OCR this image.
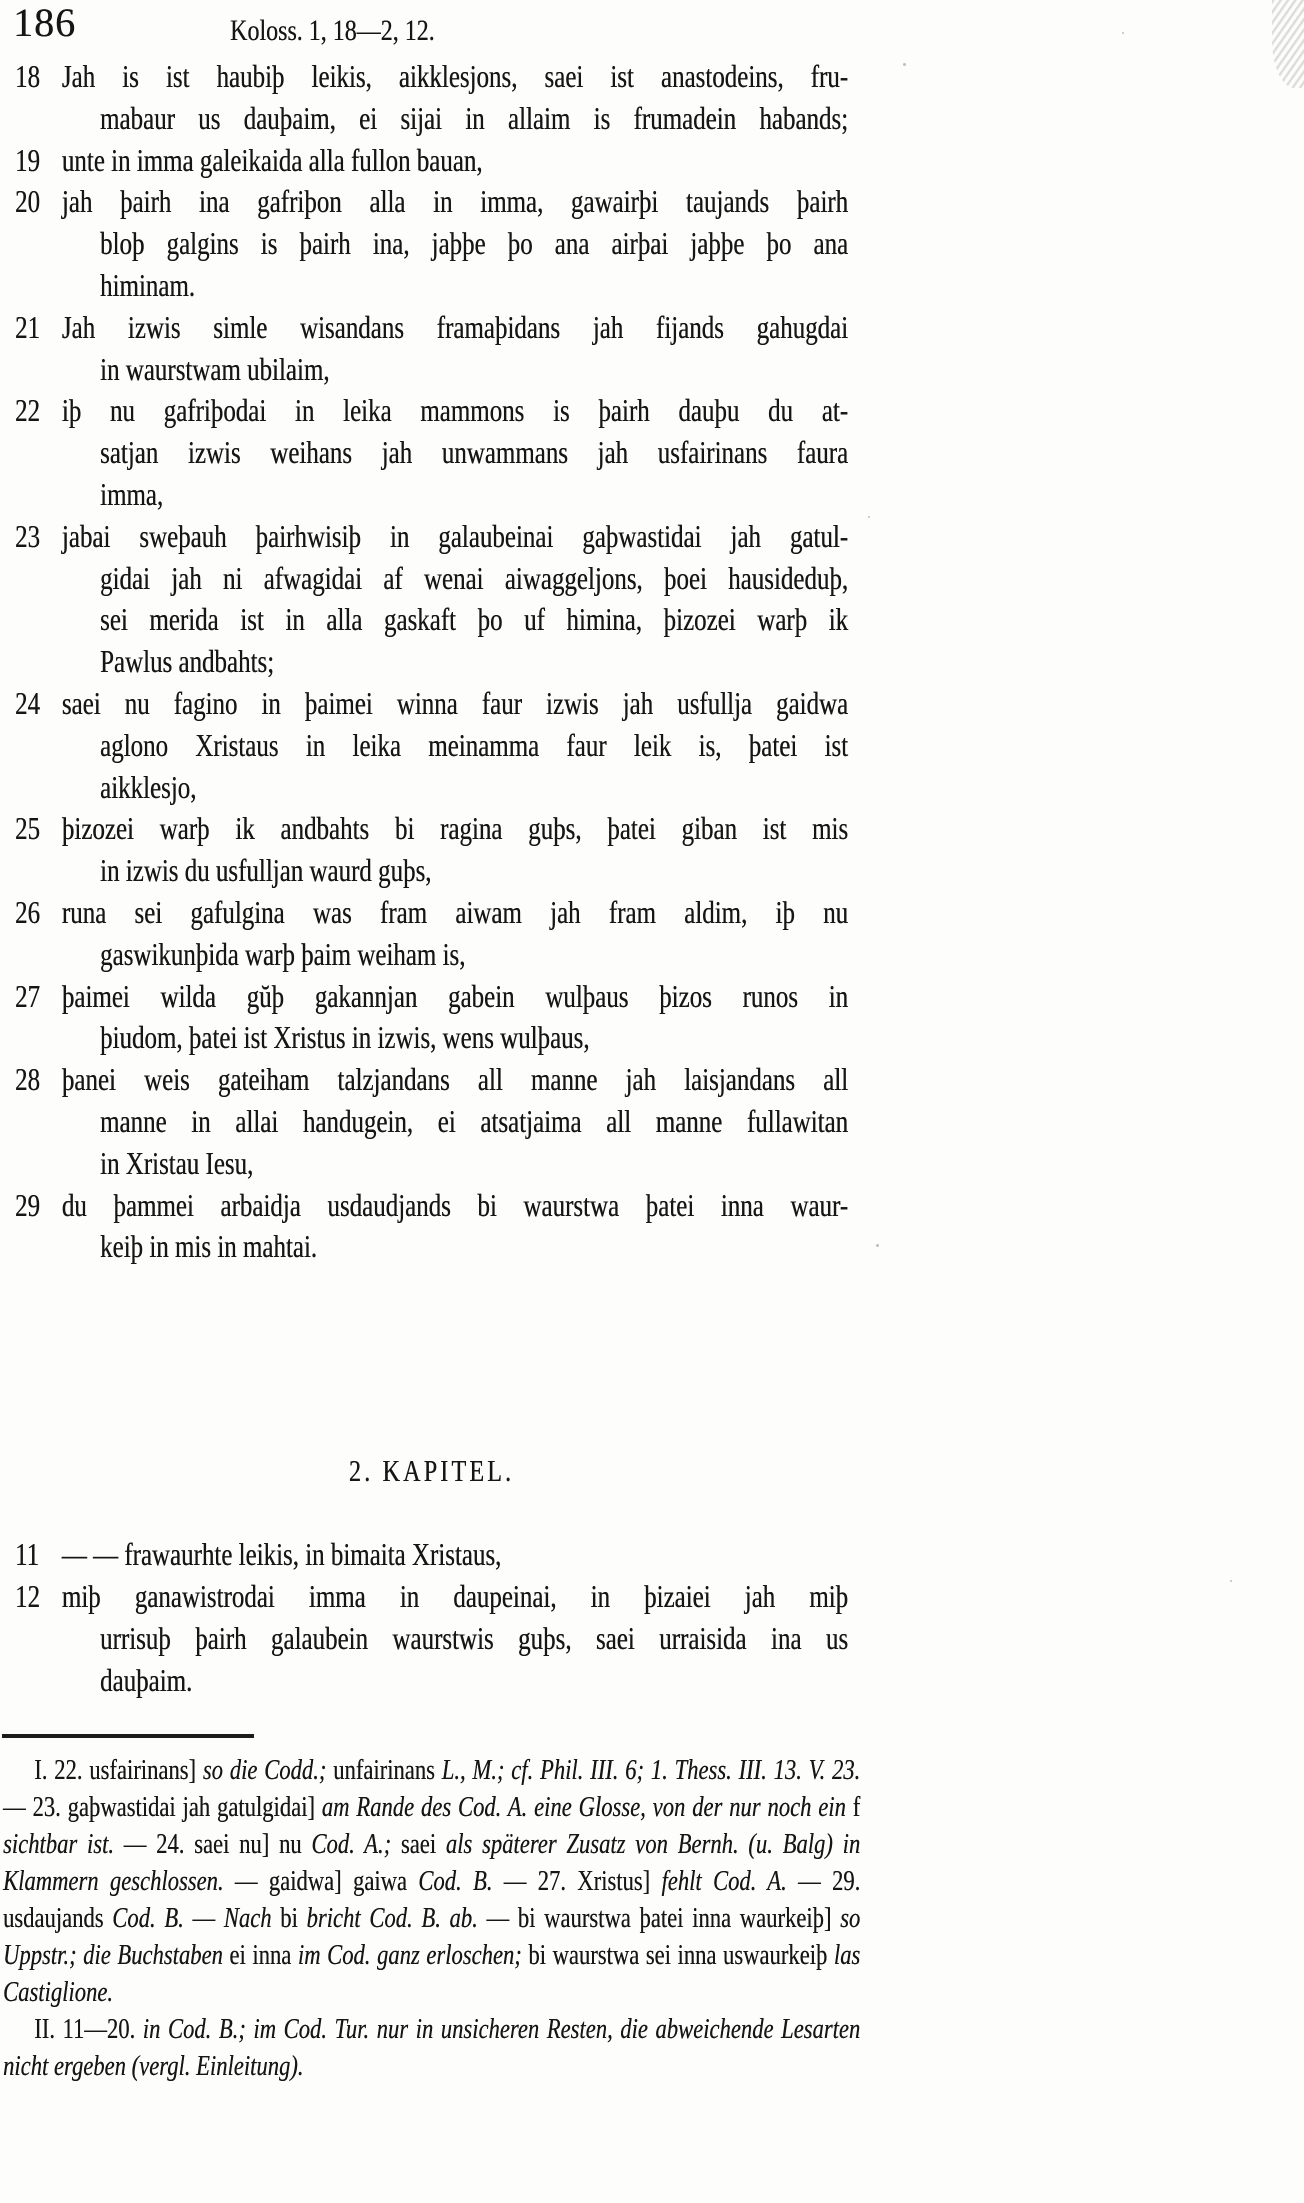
186	Koloss. 1, 18—2, 12.
18 Jah is ist haubiþ leikis, aikklesjons, saei ist anastodeins, fru-
mabaur us dauþaim, ei sijai in allaim is frumadein habands;
19 unte in imma galeikaida alla fullon bauan,
20 jah þairh ina gafriþon alla in imma, gawairþi taujands þairh
bloþ galgins is þairh ina, jaþþe þo ana airþai jaþþe þo ana
himinam.
21 Jah izwis simle wisandans framaþidans jah fijands gahugdai
in waurstwam ubilaim,
22 iþ nu gafriþodai in leika mammons is þairh dauþu du at-
satjan izwis weihans jah unwammans jah usfairinans faura
imma,
23 jabai sweþauh þairhwisiþ in galaubeinai gaþwastidai jah gatul-
gidai jah ni afwagidai af wenai aiwaggeljons, þoei hausideduþ,
sei merida ist in alla gaskaft þo uf himina, þizozei warþ ik
Pawlus andbahts;
24 saei nu fagino in þaimei winna faur izwis jah usfullja gaidwa
aglono Xristaus in leika meinamma faur leik is, þatei ist
aikklesjo,
25 þizozei warþ ik andbahts bi ragina guþs, þatei giban ist mis
in izwis du usfulljan waurd guþs,
26 runa sei gafulgina was fram aiwam jah fram aldim, iþ nu
gaswikunþida warþ þaim weiham is,
27 þaimei wilda gŭþ gakannjan gabein wulþaus þizos runos in
þiudom, þatei ist Xristus in izwis, wens wulþaus,
28 þanei weis gateiham talzjandans all manne jah laisjandans all
manne in allai handugein, ei atsatjaima all manne fullawitan
in Xristau Iesu,
29 du þammei arbaidja usdaudjands bi waurstwa þatei inna waur-
keiþ in mis in mahtai.
2. KAPITEL.
11 — — frawaurhte leikis, in bimaita Xristaus,
12 miþ ganawistrodai imma in daupeinai, in þizaiei jah miþ
urrisuþ þairh galaubein waurstwis guþs, saei urraisida ina us
dauþaim.

I. 22. usfairinans] so die Codd.; unfairinans L., M.; cf. Phil. III. 6; 1. Thess. III. 13. V. 23. — 23. gaþwastidai jah gatulgidai] am Rande des Cod. A. eine Glosse, von der nur noch ein f sichtbar ist. — 24. saei nu] nu Cod. A.; saei als späterer Zusatz von Bernh. (u. Balg) in Klammern geschlossen. — gaidwa] gaiwa Cod. B. — 27. Xristus] fehlt Cod. A. — 29. usdaujands Cod. B. — Nach bi bricht Cod. B. ab. — bi waurstwa þatei inna waurkeiþ] so Uppstr.; die Buchstaben ei inna im Cod. ganz erloschen; bi waurstwa sei inna uswaurkeiþ las Castiglione.

II. 11—20. in Cod. B.; im Cod. Tur. nur in unsicheren Resten, die abweichende Lesarten nicht ergeben (vergl. Einleitung).
